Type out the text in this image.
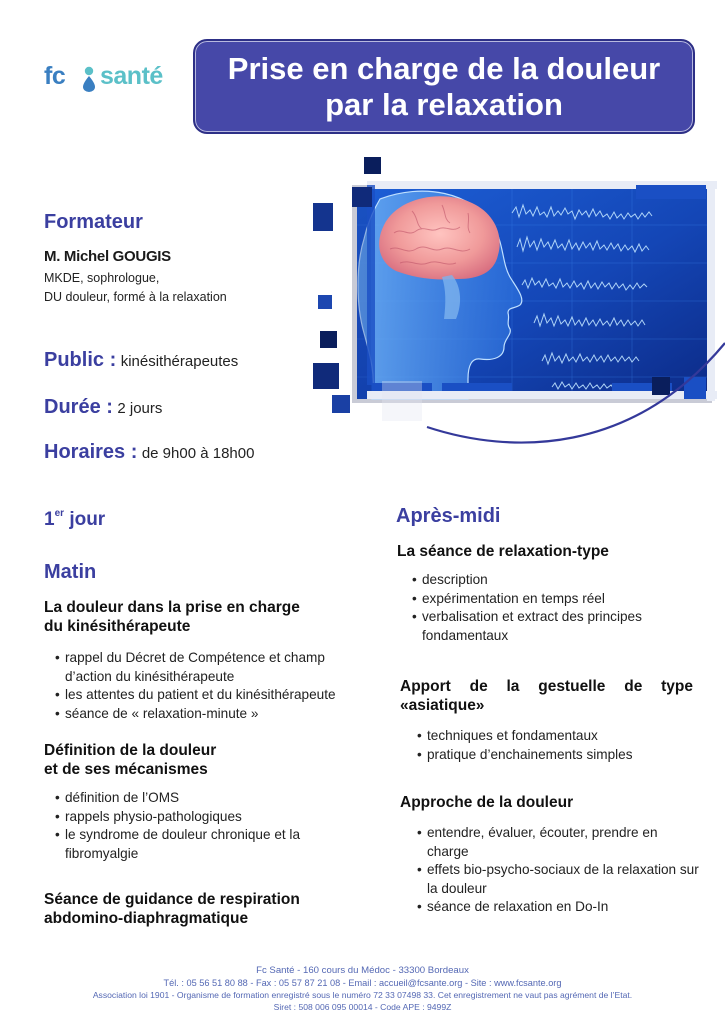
fc santé Prise en charge de la douleur
par la relaxation
Formateur
M. Michel GOUGIS
MKDE, sophrologue,
DU douleur, formé à la relaxation
Public : kinésithérapeutes
Durée : 2 jours
Horaires : de 9h00 à 18h00
1er jour
Matin
La douleur dans la prise en charge
du kinésithérapeute
• rappel du Décret de Compétence et champ d’action du kinésithérapeute
• les attentes du patient et du kinésithérapeute
• séance de « relaxation-minute »
Définition de la douleur
et de ses mécanismes
• définition de l’OMS
• rappels physio-pathologiques
• le syndrome de douleur chronique et la fibromyalgie
Séance de guidance de respiration
abdomino-diaphragmatique
Après-midi
La séance de relaxation-type
• description
• expérimentation en temps réel
• verbalisation et extract des principes fondamentaux
Apport de la gestuelle de type
«asiatique»
• techniques et fondamentaux
• pratique d’enchainements simples
Approche de la douleur
• entendre, évaluer, écouter, prendre en charge
• effets bio-psycho-sociaux de la relaxation sur la douleur
• séance de relaxation en Do-In
Fc Santé - 160 cours du Médoc - 33300 Bordeaux
Tél. : 05 56 51 80 88 - Fax : 05 57 87 21 08 - Email : accueil@fcsante.org - Site : www.fcsante.org
Association loi 1901 - Organisme de formation enregistré sous le numéro 72 33 07498 33. Cet enregistrement ne vaut pas agrément de l’Etat.
Siret : 508 006 095 00014 - Code APE : 9499Z
